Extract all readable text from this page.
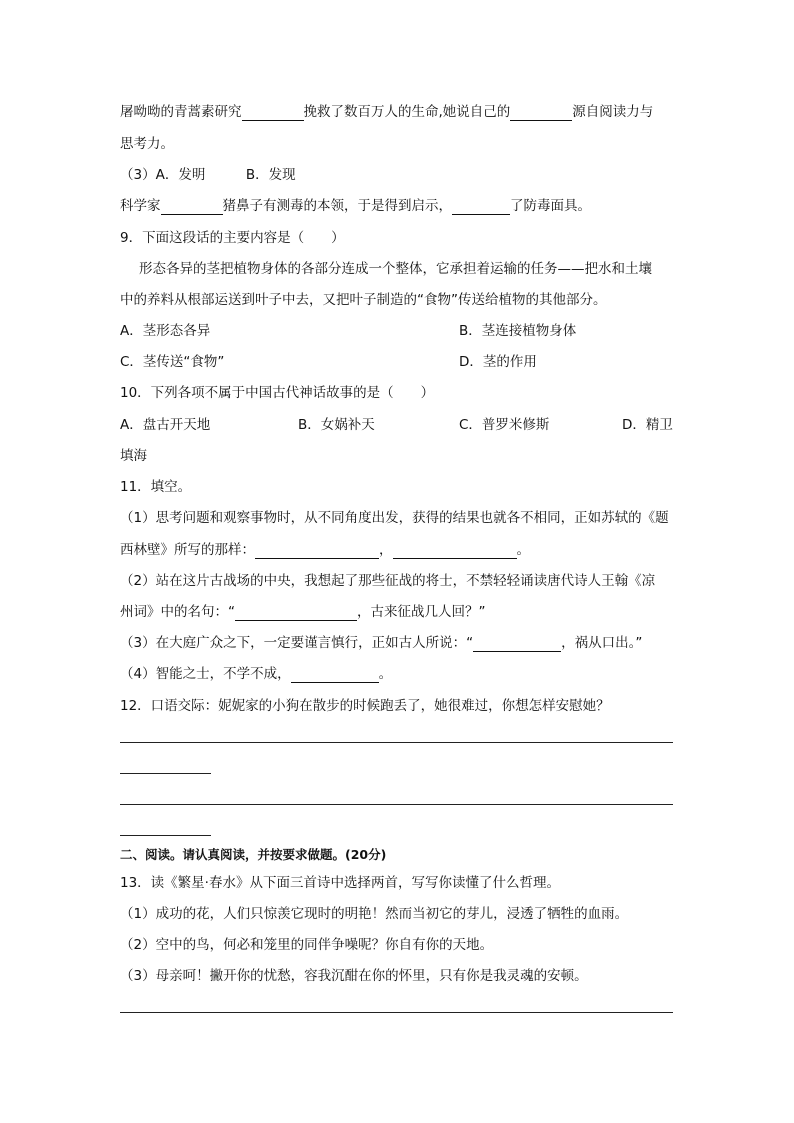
屠呦呦的青蒿素研究	挽救了数百万人的生命,她说自己的	源自阅读力与
思考力。
（3）A．发明　　　B．发现
科学家	猪鼻子有测毒的本领，于是得到启示，	了防毒面具。
9．下面这段话的主要内容是（　　）
形态各异的茎把植物身体的各部分连成一个整体，它承担着运输的任务——把水和土壤
中的养料从根部运送到叶子中去，又把叶子制造的“食物”传送给植物的其他部分。
A．茎形态各异	B．茎连接植物身体
C．茎传送“食物”	D．茎的作用
10．下列各项不属于中国古代神话故事的是（　　）
A．盘古开天地	B．女娲补天	C．普罗米修斯	D．精卫
填海
11．填空。
（1）思考问题和观察事物时，从不同角度出发，获得的结果也就各不相同，正如苏轼的《题
西林壁》所写的那样：	，	。
（2）站在这片古战场的中央，我想起了那些征战的将士，不禁轻轻诵读唐代诗人王翰《凉
州词》中的名句：“	，古来征战几人回？”
（3）在大庭广众之下，一定要谨言慎行，正如古人所说：“	，祸从口出。”
（4）智能之士，不学不成，	。
12．口语交际：妮妮家的小狗在散步的时候跑丢了，她很难过，你想怎样安慰她？
二、阅读。请认真阅读，并按要求做题。(20分)
13．读《繁星·春水》从下面三首诗中选择两首，写写你读懂了什么哲理。
（1）成功的花，人们只惊羡它现时的明艳！然而当初它的芽儿，浸透了牺牲的血雨。
（2）空中的鸟，何必和笼里的同伴争噪呢？你自有你的天地。
（3）母亲呵！撇开你的忧愁，容我沉酣在你的怀里，只有你是我灵魂的安顿。
